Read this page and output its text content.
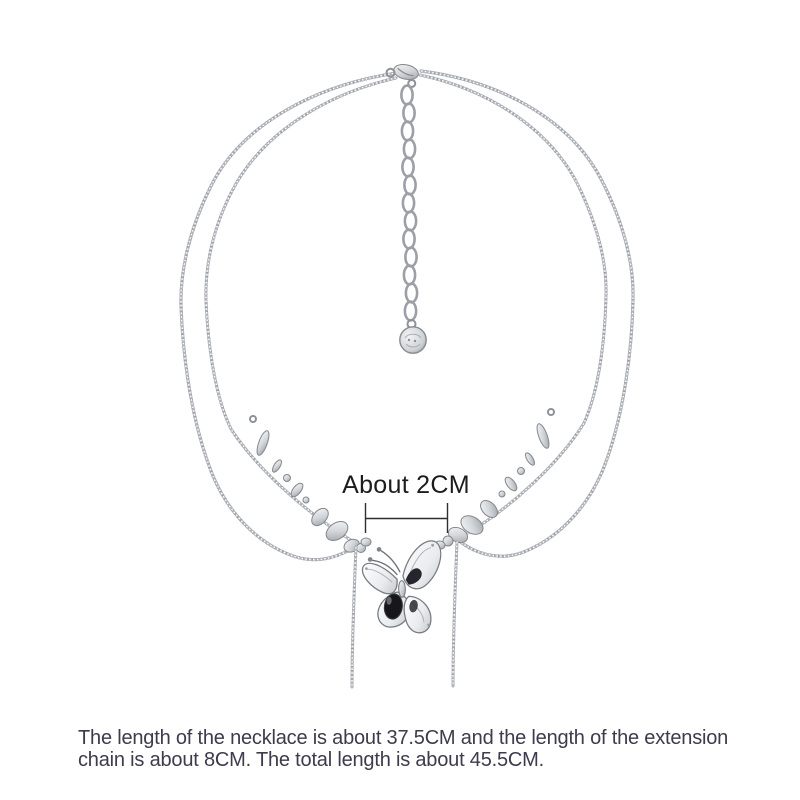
About 2CM
The length of the necklace is about 37.5CM and the length of the extension
chain is about 8CM. The total length is about 45.5CM.
